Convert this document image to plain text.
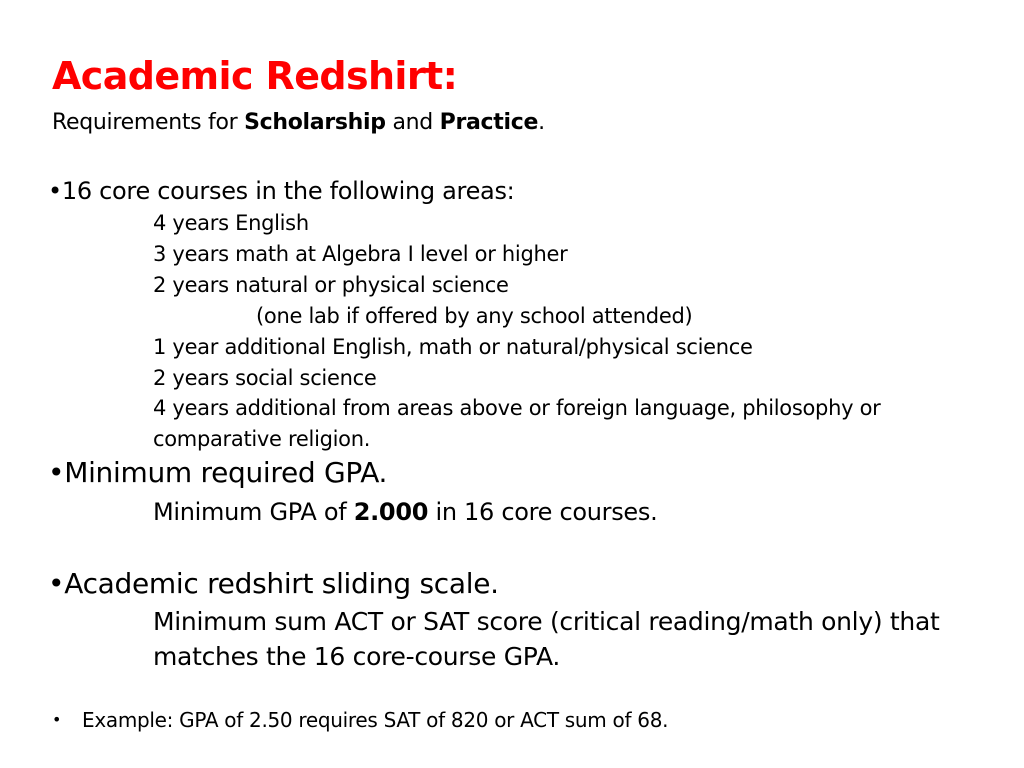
Academic Redshirt:
Requirements for Scholarship and Practice.
•16 core courses in the following areas:
4 years English
3 years math at Algebra I level or higher
2 years natural or physical science
(one lab if offered by any school attended)
1 year additional English, math or natural/physical science
2 years social science
4 years additional from areas above or foreign language, philosophy or
comparative religion.
•Minimum required GPA.
Minimum GPA of 2.000 in 16 core courses.
•Academic redshirt sliding scale.
Minimum sum ACT or SAT score (critical reading/math only) that
matches the 16 core-course GPA.
• Example: GPA of 2.50 requires SAT of 820 or ACT sum of 68.
